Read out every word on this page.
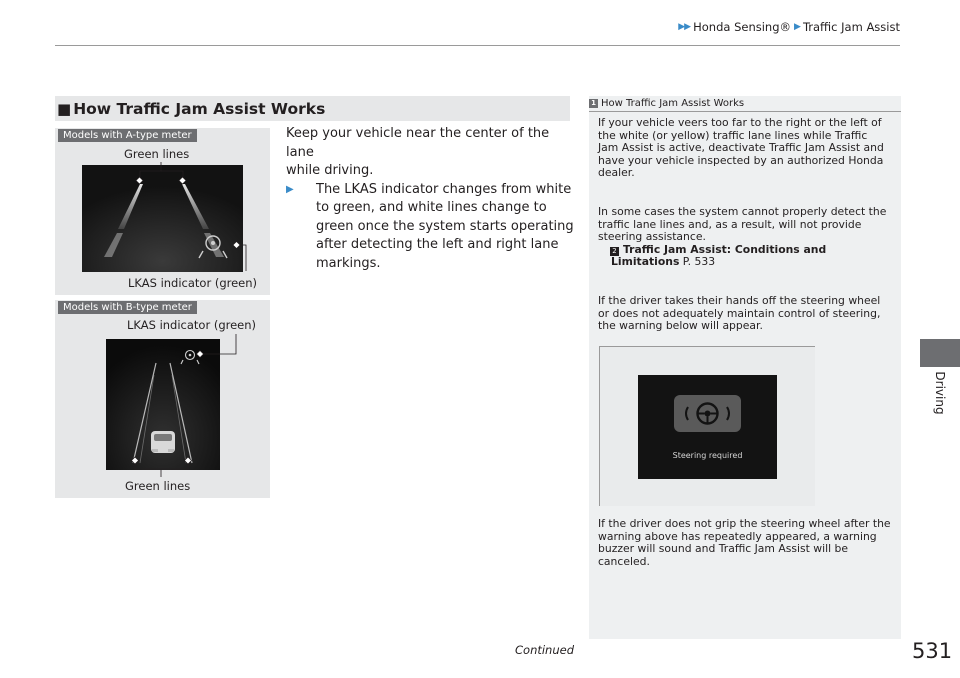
▶▶ Honda Sensing® ▶ Traffic Jam Assist
Driving
■ How Traffic Jam Assist Works
Models with A-type meter
Green lines
LKAS indicator (green)
Models with B-type meter
LKAS indicator (green)
Green lines
Keep your vehicle near the center of the lane
while driving.
▶	The LKAS indicator changes from white
to green, and white lines change to
green once the system starts operating
after detecting the left and right lane
markings.
1 How Traffic Jam Assist Works
If your vehicle veers too far to the right or the left of
the white (or yellow) traffic lane lines while Traffic
Jam Assist is active, deactivate Traffic Jam Assist and
have your vehicle inspected by an authorized Honda
dealer.
In some cases the system cannot properly detect the
traffic lane lines and, as a result, will not provide
steering assistance.
2 Traffic Jam Assist: Conditions and
Limitations P. 533
If the driver takes their hands off the steering wheel
or does not adequately maintain control of steering,
the warning below will appear.
If the driver does not grip the steering wheel after the
warning above has repeatedly appeared, a warning
buzzer will sound and Traffic Jam Assist will be
canceled.
Steering required
Continued	531
